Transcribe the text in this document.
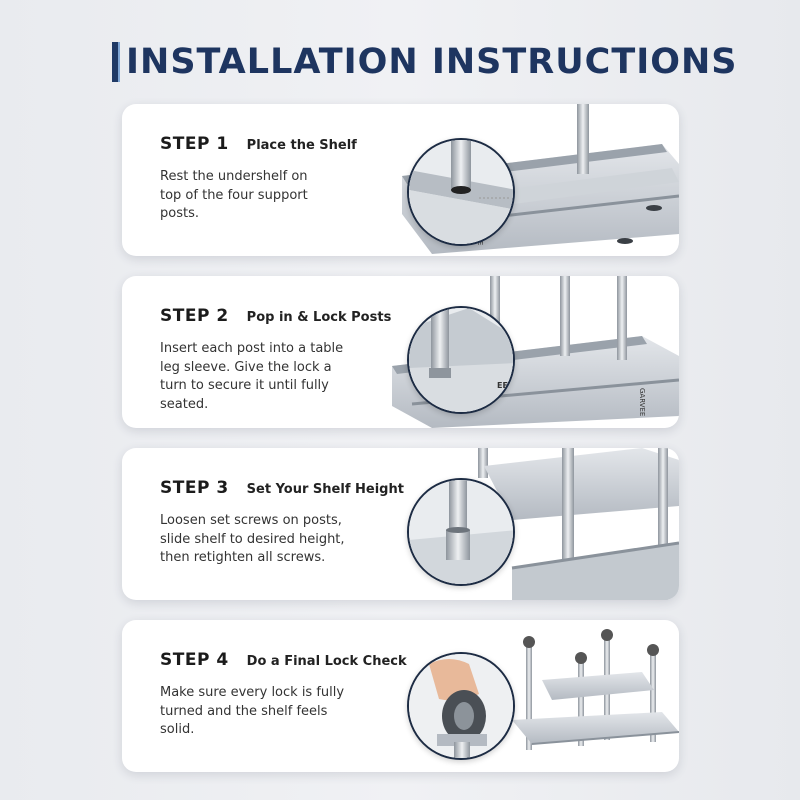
INSTALLATION INSTRUCTIONS
STEP 1 Place the Shelf
Rest the undershelf on
top of the four support
posts.
STEP 2 Pop in & Lock Posts
Insert each post into a table
leg sleeve. Give the lock a
turn to secure it until fully
seated.	GARVEE
EE
STEP 3 Set Your Shelf Height
Loosen set screws on posts,
slide shelf to desired height,
then retighten all screws.
STEP 4 Do a Final Lock Check
Make sure every lock is fully
turned and the shelf feels
solid.
